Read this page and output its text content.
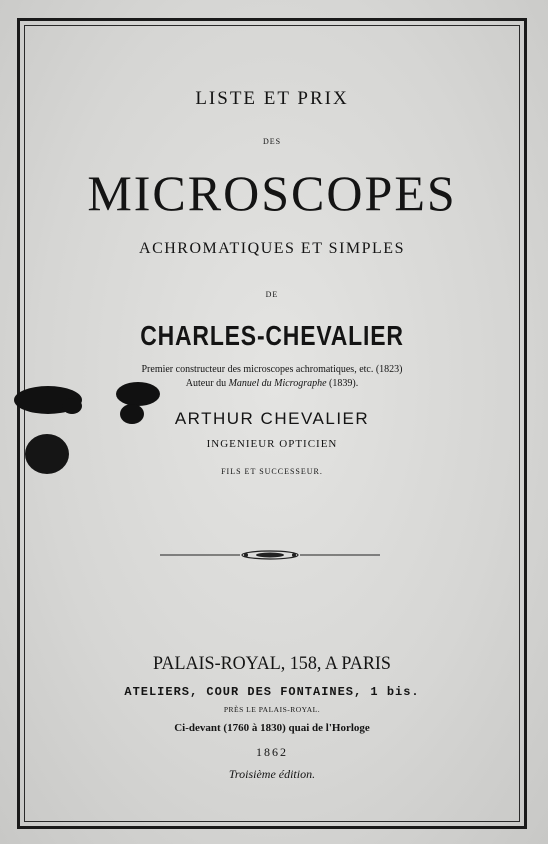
LISTE ET PRIX
DES
MICROSCOPES
ACHROMATIQUES ET SIMPLES
DE
CHARLES-CHEVALIER
Premier constructeur des microscopes achromatiques, etc. (1823)
Auteur du Manuel du Micrographe (1839).
ARTHUR CHEVALIER
INGENIEUR OPTICIEN
FILS ET SUCCESSEUR.
PALAIS-ROYAL, 158, A PARIS
ATELIERS, COUR DES FONTAINES, 1 bis.
PRÈS LE PALAIS-ROYAL.
Ci-devant (1760 à 1830) quai de l'Horloge
1862
Troisième édition.
